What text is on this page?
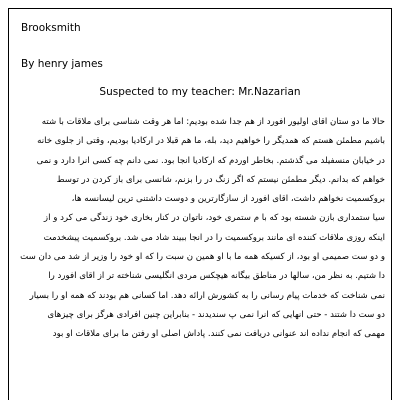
Brooksmith
By henry james
Suspected to my teacher: Mr.Nazarian
حالا ما دو ستان اقای اولیور افورد از هم جدا شده بودیم: اما هر وقت شناسی برای ملاقات با شته
باشیم مطمئن هستم که همدیگر را خواهیم دید، بله، ما هم قبلا در ارکادیا بودیم، وقتی از جلوی خانه
در خیابان منسفیلد می گذشتم. بخاطر اوردم که ارکادیا انجا بود. نمی دانم چه کسی انرا دارد و نمی
خواهم که بدانم. دیگر مطمئن نیستم که اگر زنگ در را بزنم، شانسی برای باز کردن در توسط
بروکسمیت نخواهم داشت، اقای افورد از سازگارترین و دوست داشتنی ترین لیسانسه ها،
سیا ستمداری بازن شسته بود که با م ستمری خود، ناتوان در کنار بخاری خود زندگی می کرد و از
اینکه روزی ملاقات کننده ای مانند بروکسمیت را در انجا ببیند شاد می شد. بروکسمیت پیشخدمت
و دو ست صمیمی او بود، از کسیکه همه ما با او همین ن سبت را که او خود را وزیر از شد می دان ست
دا شتیم. به نظر من، سالها در مناطق بیگانه هیچکس مردی انگلیسی شناخته تر از اقای افورد را
نمی شناخت که خدمات پیام رسانی را به کشورش ارائه دهد. اما کسانی هم بودند که همه او را بسیار
دو ست دا شتند - حتی انهایی که انرا نمی پ سندیدند - بنابراین چنین افرادی هرگز برای چیزهای
مهمی که انجام نداده اند عنوانی دریافت نمی کنند. پاداش اصلی او رفتن ما برای ملاقات او بود
